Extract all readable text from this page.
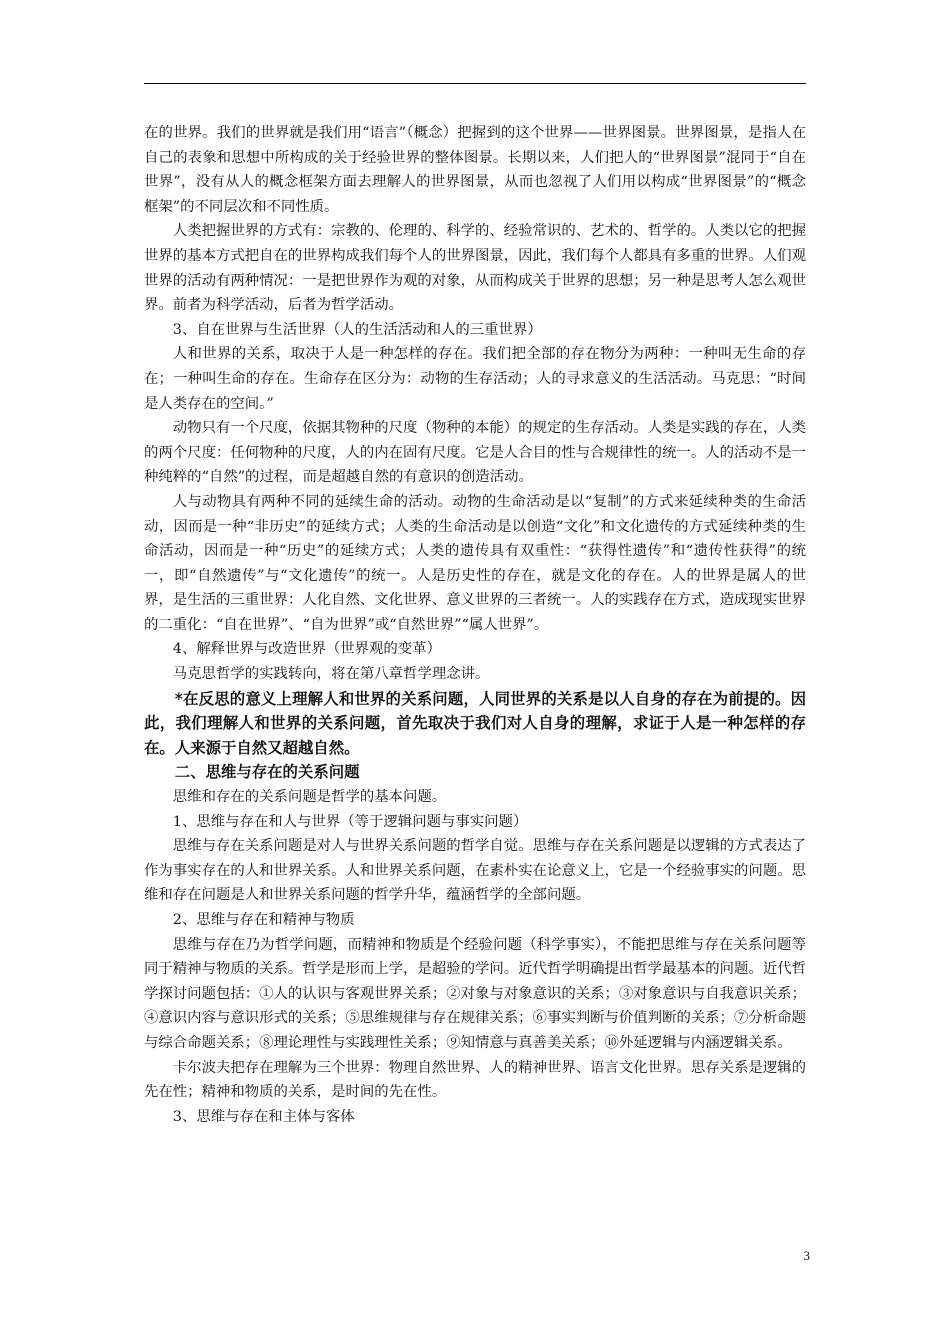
在的世界。我们的世界就是我们用“语言”（概念）把握到的这个世界——世界图景。世界图景，是指人在自己的表象和思想中所构成的关于经验世界的整体图景。长期以来，人们把人的“世界图景”混同于“自在世界”，没有从人的概念框架方面去理解人的世界图景，从而也忽视了人们用以构成“世界图景”的“概念框架”的不同层次和不同性质。

人类把握世界的方式有：宗教的、伦理的、科学的、经验常识的、艺术的、哲学的。人类以它的把握世界的基本方式把自在的世界构成我们每个人的世界图景，因此，我们每个人都具有多重的世界。人们观世界的活动有两种情况：一是把世界作为观的对象，从而构成关于世界的思想；另一种是思考人怎么观世界。前者为科学活动，后者为哲学活动。

3、自在世界与生活世界（人的生活活动和人的三重世界）

人和世界的关系，取决于人是一种怎样的存在。我们把全部的存在物分为两种：一种叫无生命的存在；一种叫生命的存在。生命存在区分为：动物的生存活动；人的寻求意义的生活活动。马克思：“时间是人类存在的空间。”

动物只有一个尺度，依据其物种的尺度（物种的本能）的规定的生存活动。人类是实践的存在，人类的两个尺度：任何物种的尺度，人的内在固有尺度。它是人合目的性与合规律性的统一。人的活动不是一种纯粹的“自然”的过程，而是超越自然的有意识的创造活动。

人与动物具有两种不同的延续生命的活动。动物的生命活动是以“复制”的方式来延续种类的生命活动，因而是一种“非历史”的延续方式；人类的生命活动是以创造“文化”和文化遗传的方式延续种类的生命活动，因而是一种“历史”的延续方式；人类的遗传具有双重性：“获得性遗传”和“遗传性获得”的统一，即“自然遗传”与“文化遗传”的统一。人是历史性的存在，就是文化的存在。人的世界是属人的世界，是生活的三重世界：人化自然、文化世界、意义世界的三者统一。人的实践存在方式，造成现实世界的二重化：“自在世界”、“自为世界”或“自然世界”“属人世界”。

4、解释世界与改造世界（世界观的变革）

马克思哲学的实践转向，将在第八章哲学理念讲。

*在反思的意义上理解人和世界的关系问题，人同世界的关系是以人自身的存在为前提的。因此，我们理解人和世界的关系问题，首先取决于我们对人自身的理解，求证于人是一种怎样的存在。人来源于自然又超越自然。

二、思维与存在的关系问题

思维和存在的关系问题是哲学的基本问题。

1、思维与存在和人与世界（等于逻辑问题与事实问题）

思维与存在关系问题是对人与世界关系问题的哲学自觉。思维与存在关系问题是以逻辑的方式表达了作为事实存在的人和世界关系。人和世界关系问题，在素朴实在论意义上，它是一个经验事实的问题。思维和存在问题是人和世界关系问题的哲学升华，蕴涵哲学的全部问题。

2、思维与存在和精神与物质

思维与存在乃为哲学问题，而精神和物质是个经验问题（科学事实），不能把思维与存在关系问题等同于精神与物质的关系。哲学是形而上学，是超验的学问。近代哲学明确提出哲学最基本的问题。近代哲学探讨问题包括：①人的认识与客观世界关系；②对象与对象意识的关系；③对象意识与自我意识关系；④意识内容与意识形式的关系；⑤思维规律与存在规律关系；⑥事实判断与价值判断的关系；⑦分析命题与综合命题关系；⑧理论理性与实践理性关系；⑨知情意与真善美关系；⑩外延逻辑与内涵逻辑关系。

卡尔波夫把存在理解为三个世界：物理自然世界、人的精神世界、语言文化世界。思存关系是逻辑的先在性；精神和物质的关系，是时间的先在性。

3、思维与存在和主体与客体

3
